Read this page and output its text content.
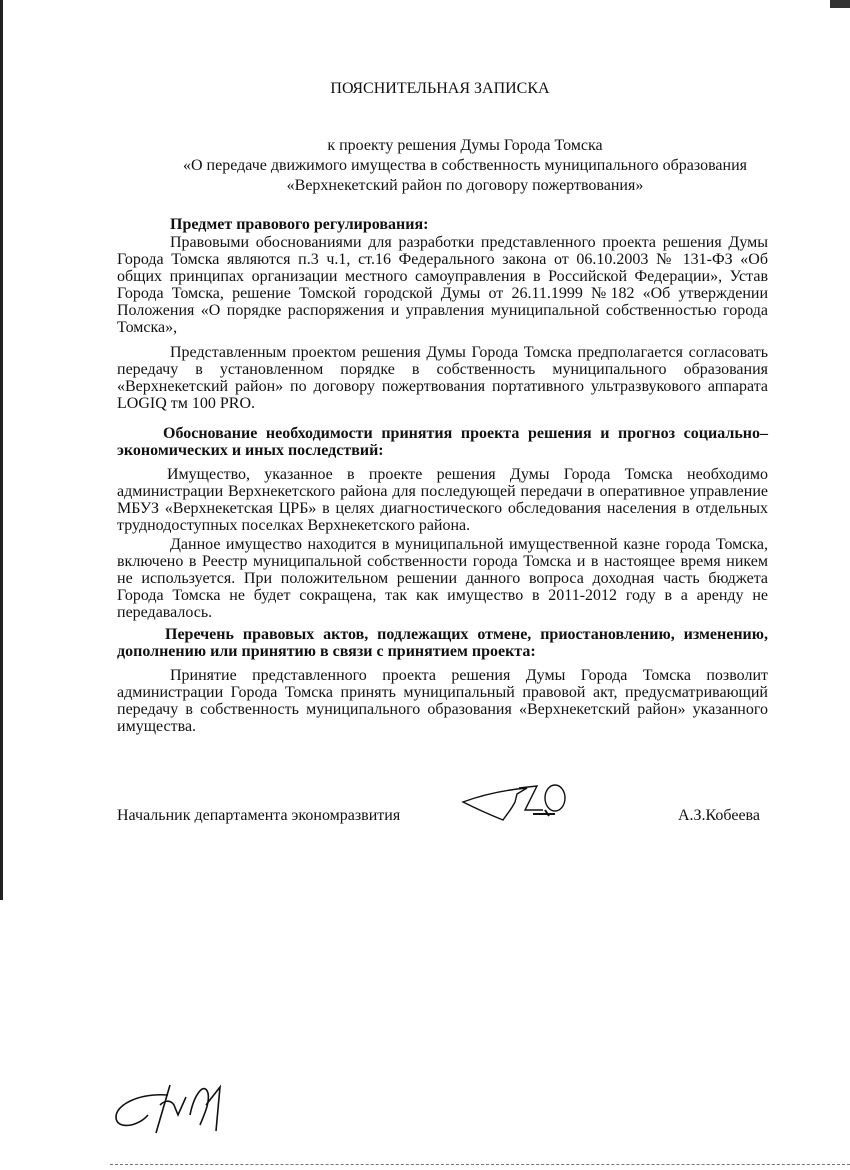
ПОЯСНИТЕЛЬНАЯ ЗАПИСКА
к проекту решения Думы Города Томска
«О передаче движимого имущества в собственность муниципального образования
«Верхнекетский район по договору пожертвования»
Предмет правового регулирования:
Правовыми обоснованиями для разработки представленного проекта решения Думы Города Томска являются п.3 ч.1, ст.16 Федерального закона от 06.10.2003 № 131-ФЗ «Об общих принципах организации местного самоуправления в Российской Федерации», Устав Города Томска, решение Томской городской Думы от 26.11.1999 №182 «Об утверждении Положения «О порядке распоряжения и управления муниципальной собственностью города Томска»,
Представленным проектом решения Думы Города Томска предполагается согласовать передачу в установленном порядке в собственность муниципального образования «Верхнекетский район» по договору пожертвования портативного ультразвукового аппарата LOGIQ тм 100 PRO.
Обоснование необходимости принятия проекта решения и прогноз социально–экономических и иных последствий:
Имущество, указанное в проекте решения Думы Города Томска необходимо администрации Верхнекетского района для последующей передачи в оперативное управление МБУЗ «Верхнекетская ЦРБ» в целях диагностического обследования населения в отдельных труднодоступных поселках Верхнекетского района.
Данное имущество находится в муниципальной имущественной казне города Томска, включено в Реестр муниципальной собственности города Томска и в настоящее время никем не используется. При положительном решении данного вопроса доходная часть бюджета Города Томска не будет сокращена, так как имущество в 2011-2012 году в а аренду не передавалось.
Перечень правовых актов, подлежащих отмене, приостановлению, изменению, дополнению или принятию в связи с принятием проекта:
Принятие представленного проекта решения Думы Города Томска позволит администрации Города Томска принять муниципальный правовой акт, предусматривающий передачу в собственность муниципального образования «Верхнекетский район» указанного имущества.
Начальник департамента экономразвития	А.З.Кобеева
